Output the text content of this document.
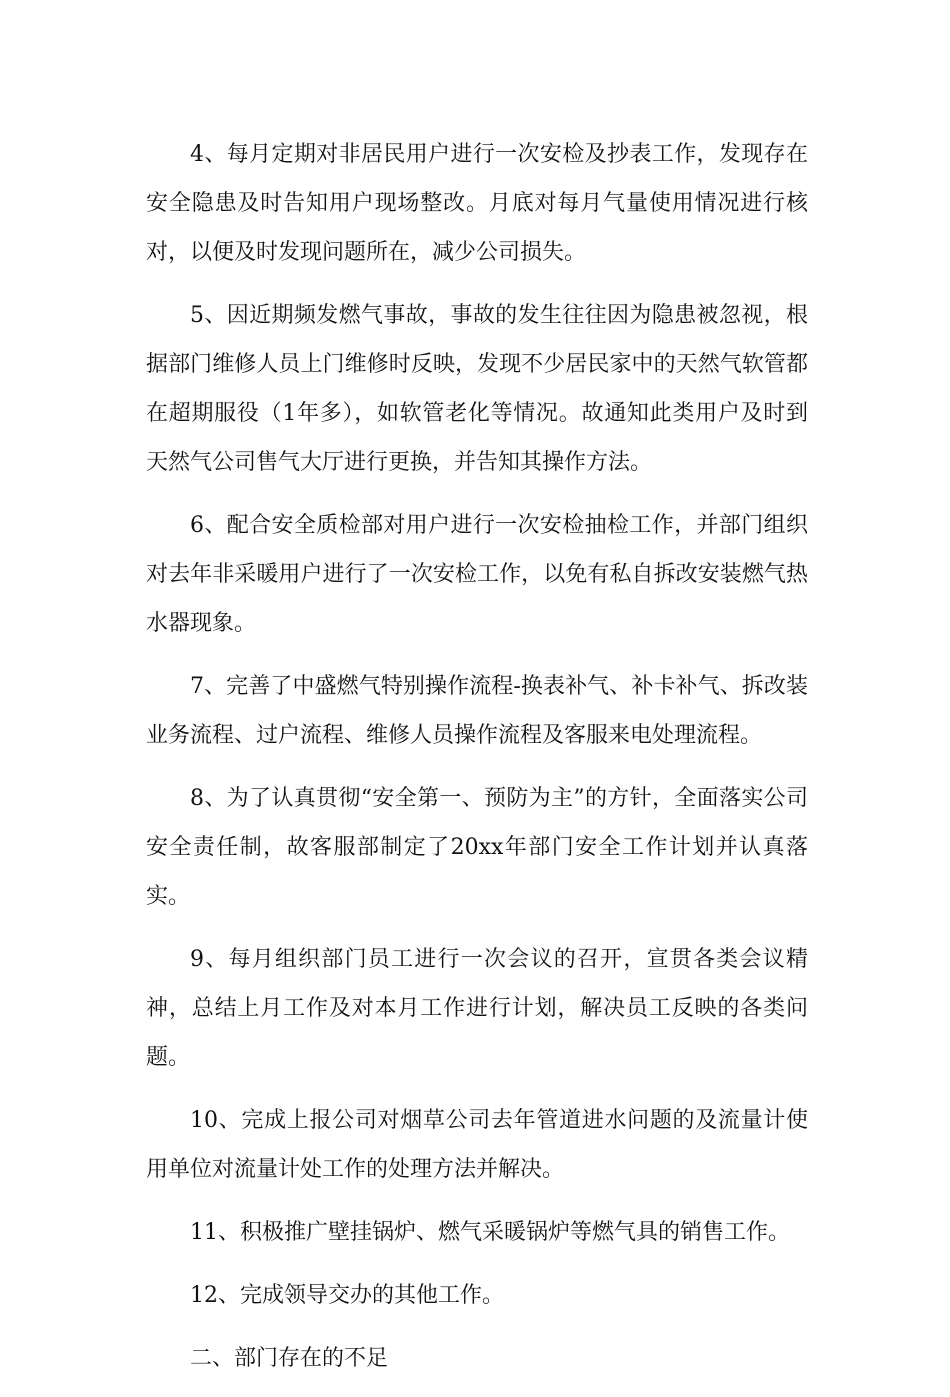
4、每月定期对非居民用户进行一次安检及抄表工作，发现存在安全隐患及时告知用户现场整改。月底对每月气量使用情况进行核对，以便及时发现问题所在，减少公司损失。

5、因近期频发燃气事故，事故的发生往往因为隐患被忽视，根据部门维修人员上门维修时反映，发现不少居民家中的天然气软管都在超期服役（1年多），如软管老化等情况。故通知此类用户及时到天然气公司售气大厅进行更换，并告知其操作方法。

6、配合安全质检部对用户进行一次安检抽检工作，并部门组织对去年非采暖用户进行了一次安检工作，以免有私自拆改安装燃气热水器现象。

7、完善了中盛燃气特别操作流程-换表补气、补卡补气、拆改装业务流程、过户流程、维修人员操作流程及客服来电处理流程。

8、为了认真贯彻“安全第一、预防为主”的方针，全面落实公司安全责任制，故客服部制定了20xx年部门安全工作计划并认真落实。

9、每月组织部门员工进行一次会议的召开，宣贯各类会议精神，总结上月工作及对本月工作进行计划，解决员工反映的各类问题。

10、完成上报公司对烟草公司去年管道进水问题的及流量计使用单位对流量计处工作的处理方法并解决。

11、积极推广壁挂锅炉、燃气采暖锅炉等燃气具的销售工作。

12、完成领导交办的其他工作。

二、部门存在的不足
